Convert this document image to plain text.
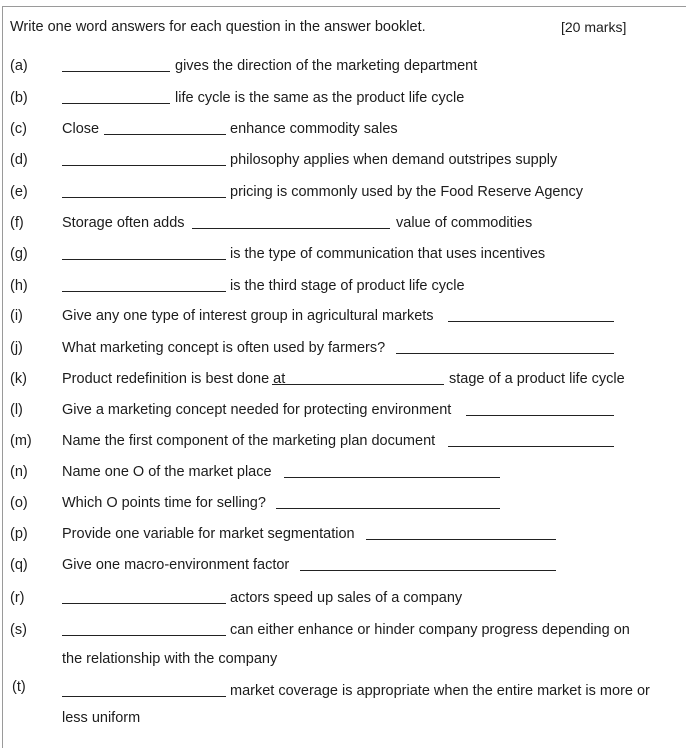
Write one word answers for each question in the answer booklet.	[20 marks]
(a)	gives the direction of the marketing department
(b)	life cycle is the same as the product life cycle
(c) Close	enhance commodity sales
(d)	philosophy applies when demand outstripes supply
(e)	pricing is commonly used by the Food Reserve Agency
(f)	Storage often adds	value of commodities
(g)	is the type of communication that uses incentives
(h)	is the third stage of product life cycle
(i)	Give any one type of interest group in agricultural markets
(j)	What marketing concept is often used by farmers?
(k) Product redefinition is best done at	stage of a product life cycle
(l)	Give a marketing concept needed for protecting environment
(m) Name the first component of the marketing plan document
(n) Name one O of the market place
(o) Which O points time for selling?
(p) Provide one variable for market segmentation
(q) Give one macro-environment factor
(r)	actors speed up sales of a company
(s)	can either enhance or hinder company progress depending on
the relationship with the company
(t)	market coverage is appropriate when the entire market is more or
less uniform
